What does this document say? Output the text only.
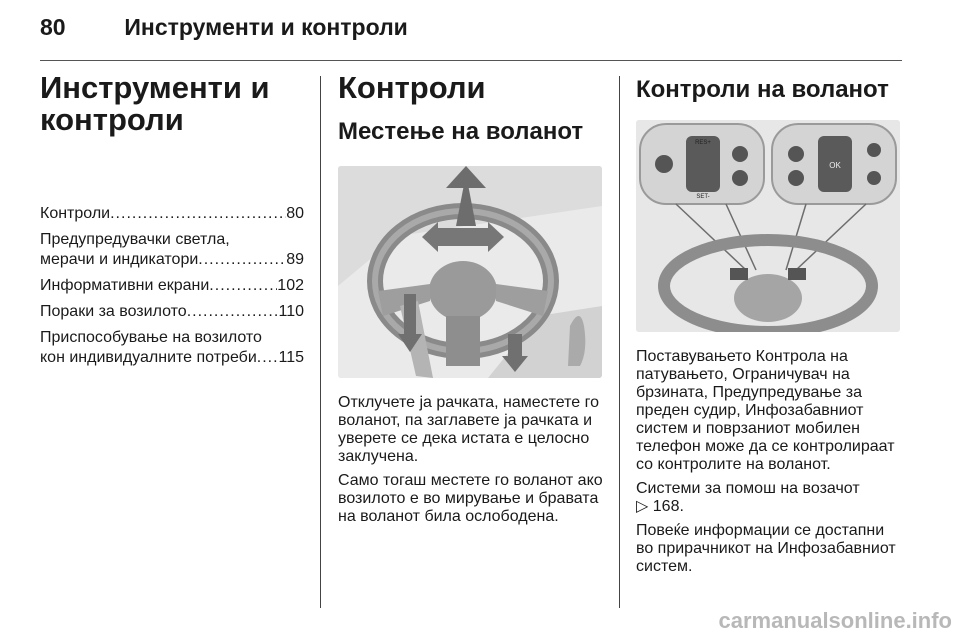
80	Инструменти и контроли
Инструменти и
контроли
Контроли .....	80
Предупредувачки светла,
мерачи и индикатори .....	89
Информативни екрани .....	102
Пораки за возилото .....	110
Приспособување на возилото
кон индивидуалните потреби ..... 115
Контроли
Местење на воланот

Отклучете ја рачката, наместете го воланот, па заглавете ја рачката и уверете се дека истата е целосно заклучена.

Само тогаш местете го воланот ако возилото е во мирување и бравата на воланот била ослободена.

Контроли на воланот
RES+
SET-
OK

Поставувањето Контрола на патувањето, Ограничувач на брзината, Предупредување за преден судир, Инфозабавниот систем и поврзаниот мобилен телефон може да се контролираат со контролите на воланот.

Системи за помош на возачот
▷ 168.

Повеќе информации се достапни во прирачникот на Инфозабавниот систем.

carmanualsonline.info
